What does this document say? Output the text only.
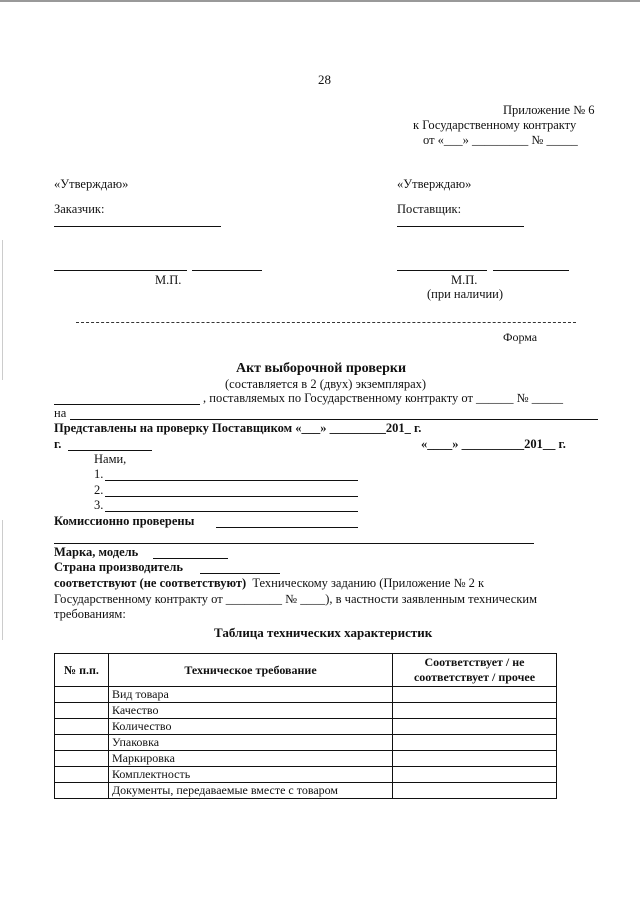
28
Приложение № 6
к Государственному контракту
от «___» _________ № _____
«Утверждаю»
Заказчик:
«Утверждаю»
Поставщик:
М.П.	М.П.
(при наличии)
Форма
Акт выборочной проверки
(составляется в 2 (двух) экземплярах)
, поставляемых по Государственному контракту от ______ № _____
на
Представлены на проверку Поставщиком «___» _________201_ г.
г.	«____» __________201__ г.
Нами,
1.
2.
3.
Комиссионно проверены
Марка, модель
Страна производитель
соответствуют (не соответствуют) Техническому заданию (Приложение № 2 к
Государственному контракту от _________ № ____), в частности заявленным техническим
требованиям:
Таблица технических характеристик
№ п.п.	Техническое требование	Соответствует / не соответствует / прочее
	Вид товара	
	Качество	
	Количество	
	Упаковка	
	Маркировка	
	Комплектность	
	Документы, передаваемые вместе с товаром	
